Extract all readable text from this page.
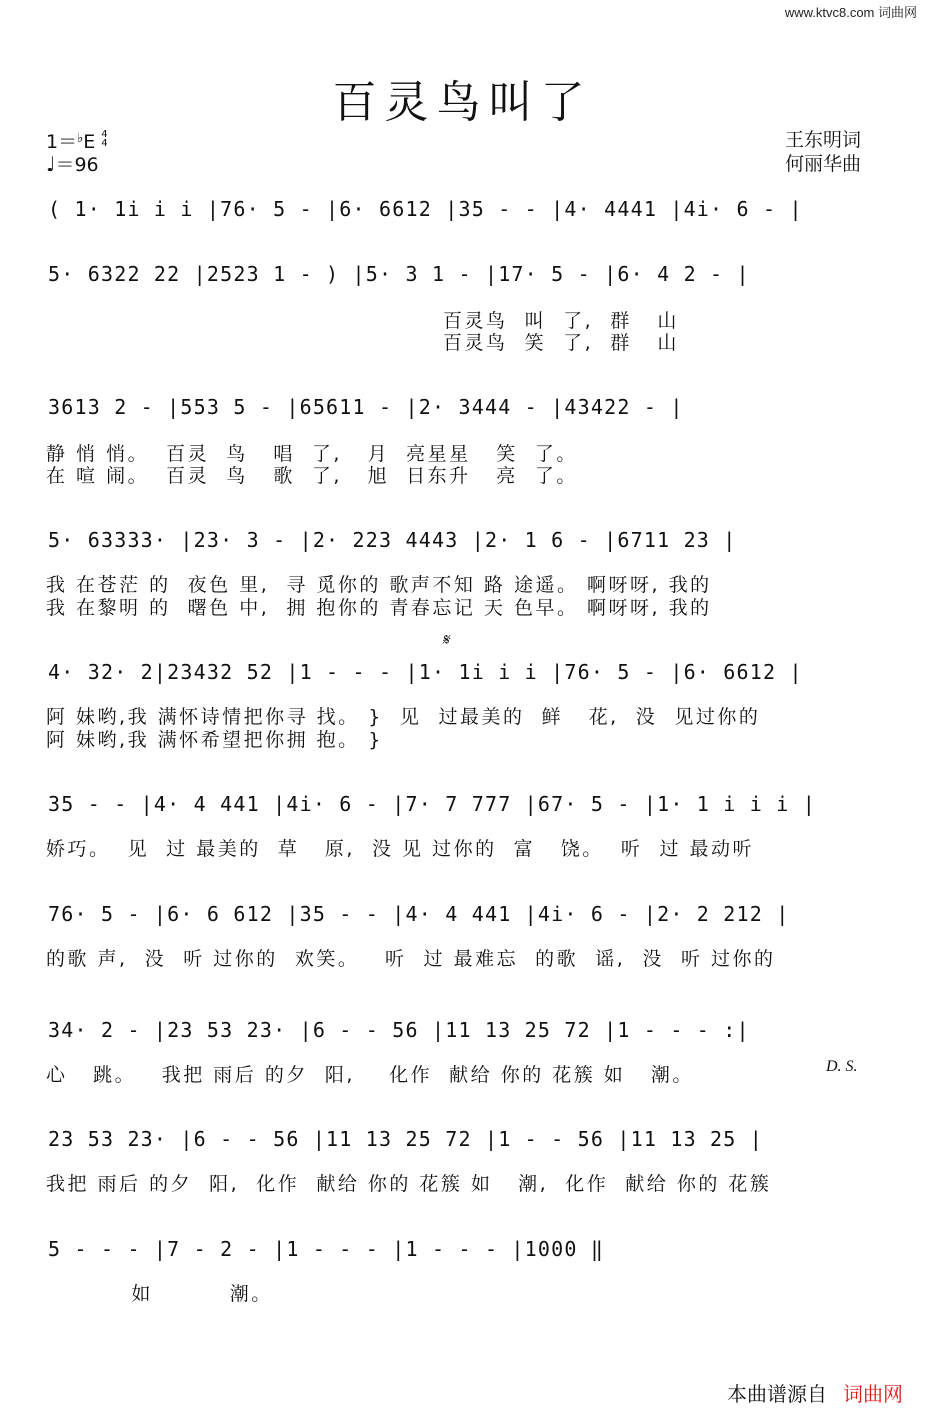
www.ktvc8.com 词曲网
百灵鸟叫了
1＝♭E 4
4
♩＝96
王东明词
何丽华曲
( 1· 1i i i |76· 5 - |6· 6612 |35 - - |4· 4441 |4i· 6 - |
5· 6322 22 |2523 1 - ) |5· 3 1 - |17· 5 - |6· 4 2 - |
百灵鸟  叫  了,  群   山
百灵鸟  笑  了,  群   山
3613 2 - |553 5 - |65611 - |2· 3444 - |43422 - |
静 悄 悄。  百灵  鸟   唱  了,   月  亮星星   笑  了。
在 喧 闹。  百灵  鸟   歌  了,   旭  日东升   亮  了。
5· 63333· |23· 3 - |2· 223 4443 |2· 1 6 - |6711 23 |
我 在苍茫 的  夜色 里,  寻 觅你的 歌声不知 路 途遥。 啊呀呀, 我的
我 在黎明 的  曙色 中,  拥 抱你的 青春忘记 天 色早。 啊呀呀, 我的
𝄋
4· 32· 2|23432 52 |1 - - - |1· 1i i i |76· 5 - |6· 6612 |
阿 妹哟,我 满怀诗情把你寻 找。 }  见  过最美的  鲜   花,  没  见过你的
阿 妹哟,我 满怀希望把你拥 抱。 }
35 - - |4· 4 441 |4i· 6 - |7· 7 777 |67· 5 - |1· 1 i i i |
娇巧。  见  过 最美的  草   原,  没 见 过你的  富   饶。  听  过 最动听
76· 5 - |6· 6 612 |35 - - |4· 4 441 |4i· 6 - |2· 2 212 |
的歌 声,  没  听 过你的  欢笑。   听  过 最难忘  的歌  谣,  没  听 过你的
34· 2 - |23 53 23· |6 - - 56 |11 13 25 72 |1 - - - :|
心   跳。   我把 雨后 的夕  阳,    化作  献给 你的 花簇 如   潮。	D. S.
23 53 23· |6 - - 56 |11 13 25 72 |1 - - 56 |11 13 25 |
我把 雨后 的夕  阳,  化作  献给 你的 花簇 如   潮,  化作  献给 你的 花簇
5 - - - |7 - 2 - |1 - - - |1 - - - |1000 ‖
如         潮。
本曲谱源自 词曲网
